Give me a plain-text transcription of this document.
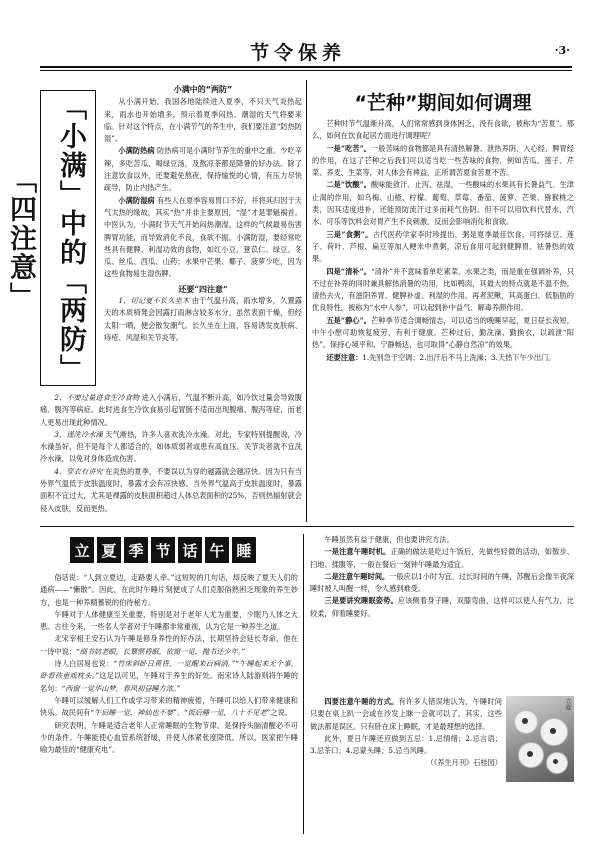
节令保养	·3·
「小满」中的「两防」「四注意」
小满中的“两防”

从小满开始，我国各地陆续进入夏季，不只天气炎热起来，雨水也开始增多，预示着夏季闷热、潮湿的天气将要来临。针对这个特点，在小满节气的养生中，我们要注意“防热防湿”。

小满防热病 防热病可是小满时节养生的重中之重。少吃辛辣，多吃苦瓜、喝绿豆汤，及熬凉茶都是降暑的好办法。除了注意饮食以外，还要避免熬夜，保持愉悦的心情，有压力尽快疏导，防止内热产生。

小满防湿病 有些人在夏季容易胃口不好，并将其归因于天气太热的缘故，其实“热”并非主要原因，“湿”才是罪魁祸首。中医认为，小满时节天气开始闷热潮湿，这样的气候最易伤害脾胃功能，而导致消化不良，食欲不振。小满防湿，要经常吃些具有健脾、利湿功效的食物，如红小豆、薏苡仁、绿豆、冬瓜、丝瓜、西瓜、山药；水果中芒果、椰子、菠萝少吃，因为这些食物易生湿伤脾。

还要“四注意”

1、切记夏不长久坐木 由于气温升高，雨水增多，久置露天的木质椅凳会因露打雨淋含较多水分，虽然表面干燥，但经太阳一晒，便会散发潮气。长久坐在上面，容易诱发皮肤病、痔疮、风湿和关节炎等。

2、不要过量进食生冷食物 进入小满后，气温不断升高，如冷饮过量会导致腹痛、腹泻等病症。此时进食生冷饮食易引起胃肠不适而出现腹痛、腹泻等症，而老人更易出现此种情况。

3、谨洗冷水澡 天气渐热，许多人喜欢洗冷水澡。对此，专家特别提醒说，冷水澡虽好，但不是每个人都适合的，如体质弱者或患有高血压、关节炎者就不宜洗冷水澡，以免对身体造成伤害。

4、穿衣有讲究 在炎热的夏季，不要误以为穿的越露就会越凉快。因为只有当外界气温低于皮肤温度时，暴露才会有凉快感。当外界气温高于皮肤温度时，暴露面积不宜过大，尤其是裸露的皮肤面积超过人体总表面积的25%，否则热辐射就会侵入皮肤，反而更热。

“芒种”期间如何调理

芒种时节气温渐升高，人们常常感到身体困乏，没有食欲，被称为“苦夏”。那么，如何在饮食起居方面进行调理呢？

一是“吃苦”。一般苦味的食物都是具有清热解暑、泄热养阴、入心经、脾胃经的作用，在这了芒种之后我们可以适当吃一些苦味的食物，例如苦瓜、莲子、芹菜、荞麦、生菜等，对人体会有裨益，正所谓苦夏食苦夏不苦。

二是“饮酸”。酸味能敛汗、止泻、祛湿，一些酸味的水果具有长暑益气、生津止渴的作用，如乌梅、山楂、柠檬、葡萄、草莓、番茄、菠萝、芒果、猕猴桃之类，因其适度进补，还能预防流汗过多而耗气伤阴。但不可以用饮料代替水，汽水、可乐等饮料会对胃产生不良刺激，反而会影响消化和食欲。

三是“食粥”。古代医药学家李时珍提出，粥是夏季最佳饮食，可将绿豆、莲子、荷叶、芦根、扁豆等加入粳米中煮粥，凉后食用可起到健脾胃、祛暑热的效果。

四是“清补”。“清补”并不意味着单吃素菜、水果之类，而是重在强调补养，只不过在补养的同时兼具解热消暑的功用，比如鸭肉，其最大的特点就是不温不热，清热去火，有滋阴养胃、健脾补虚、利湿的作用。再者泥鳅，其高蛋白、低脂肪的优良特性，被称为“水中人参”，可以起到补中益气、解毒养颜作用。

五是“静心”。芒种季节适合调畅情志，可以适当的晚睡早起，夏日昼长夜短，中午小憩可助恢复疲劳，有利于健康。芒种过后，勤洗澡、勤换衣，以疏泄“阳热”。保持心境平和，宁静畅达，也可取得“心静自然凉”的效果。

还要注意：1.先别急于空调；2.出汗后不马上洗澡；3.天热下午少出门。

立 夏 季 节 话 午 睡

俗话说：“人到立夏边，走路要人牵。”这短短的几句话，却反映了夏天人们的通病——“懒散”。因此，在此时午睡片刻便成了人们克服俗熟困乏现象的养生妙方，也是一种养精蓄锐的伯待秘方。

午睡对于人体健康至关重要，特别是对于老年人尤为重要，少眠乃人体之大患。古往今来，一些名人学者对于午睡都非常重视，认为它是一种养生之道。

北宋宰相王安石认为午睡是修身养性的好办法，长期坚持会延长寿命，他在一诗中说：“细书妨老眼，长簟惬昏眠，依窗一觉，抛书还少年。”

诗人白居易也说：“竹床斜卧日黄昏，一觉醒来百病消。”“午睡起来无个事，卧看孩童戏枕头。”这足以可见，午睡对于养生的好处。南宋诗人陆游则将午睡的名句：“西窗一觉华山梦，春风初昼睡方浓。”

午睡可以缓解人们工作或学习带来的精神疲倦，午睡可以给人们带来健康和快乐。故民间有“午后睡一觉，神仙也不要”、“饭后睡一觉，八十不见老”之说。

研究表明，午睡是适合老年人正常睡眠的生物节律，是保持头脑清醒必不可少的条件。午睡能使心血管系统舒缓，并使人体紧张度降低。所以，医家把午睡喻为最佳的“健康充电”。

午睡虽然有益于健康，但也要讲究方法。

一是注意午睡时机。正确的做法是吃过午饭后，先做些轻微的活动，如散步、扫地、揉腹等，一般在餐后一刻钟午睡最为适宜。

二是注意午睡时间。一般应以1小时为宜。过长时间的午睡，苏醒后会像半夜深睡时被人叫醒一样，令人感到难受。

三是要讲究睡眠姿势。应该侧着身子睡，双膝弯曲，这样可以使人有气力，比较柔，仰着睡要好。

四要注意午睡的方式。有许多人错误地认为，午睡时间只要在桌上趴一会或在沙发上眯一会就可以了，其实，这些做法都是误区。只有卧在床上睡眠，才是最理想的选择。

此外，夏日午睡还应做到五忌：1.忌情绪；2.忌言语；3.忌茶口；4.忌蒙头睡；5.忌当风睡。

（《养生月刊》石桂园）
立夏
